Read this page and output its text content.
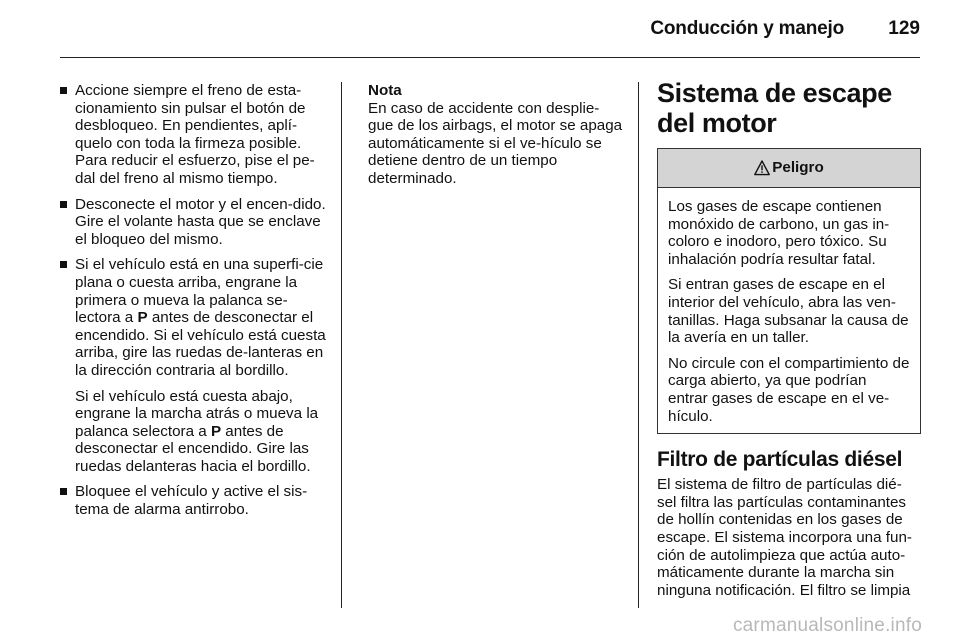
Conducción y manejo 129
Accione siempre el freno de esta-cionamiento sin pulsar el botón de desbloqueo. En pendientes, aplí-quelo con toda la firmeza posible. Para reducir el esfuerzo, pise el pe-dal del freno al mismo tiempo.
Desconecte el motor y el encen-dido. Gire el volante hasta que se enclave el bloqueo del mismo.
Si el vehículo está en una superfi-cie plana o cuesta arriba, engrane la primera o mueva la palanca se-lectora a P antes de desconectar el encendido. Si el vehículo está cuesta arriba, gire las ruedas de-lanteras en la dirección contraria al bordillo.
Si el vehículo está cuesta abajo, engrane la marcha atrás o mueva la palanca selectora a P antes de desconectar el encendido. Gire las ruedas delanteras hacia el bordillo.
Bloquee el vehículo y active el sis-tema de alarma antirrobo.
Nota
En caso de accidente con desplie-gue de los airbags, el motor se apaga automáticamente si el ve-hículo se detiene dentro de un tiempo determinado.
Sistema de escape del motor
Peligro

Los gases de escape contienen monóxido de carbono, un gas in-coloro e inodoro, pero tóxico. Su inhalación podría resultar fatal.

Si entran gases de escape en el interior del vehículo, abra las ven-tanillas. Haga subsanar la causa de la avería en un taller.

No circule con el compartimiento de carga abierto, ya que podrían entrar gases de escape en el ve-hículo.

Filtro de partículas diésel
El sistema de filtro de partículas dié-sel filtra las partículas contaminantes de hollín contenidas en los gases de escape. El sistema incorpora una fun-ción de autolimpieza que actúa auto-máticamente durante la marcha sin ninguna notificación. El filtro se limpia
carmanualsonline.info
